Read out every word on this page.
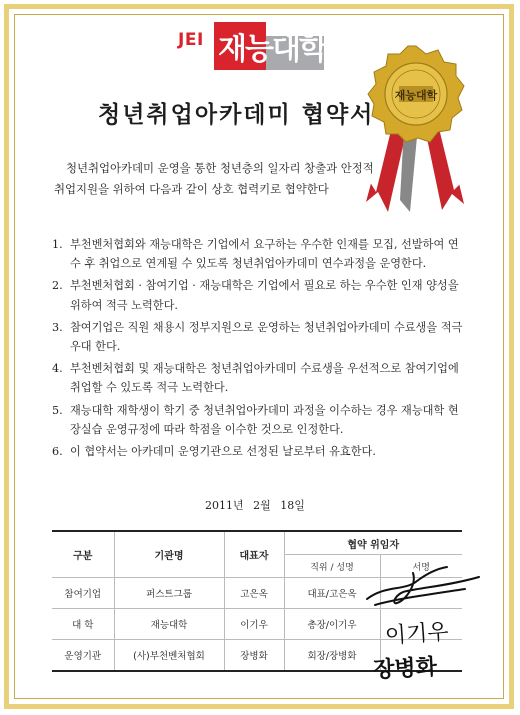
JEI 재능대학
재능대학
청년취업아카데미 협약서

청년취업아카데미 운영을 통한 청년층의 일자리 창출과 안정적

취업지원을 위하여 다음과 같이 상호 협력키로 협약한다

1. 부천벤처협회와 재능대학은 기업에서 요구하는 우수한 인재를 모집, 선발하여 연수 후 취업으로 연계될 수 있도록 청년취업아카데미 연수과정을 운영한다.
2. 부천벤처협회 · 참여기업 · 재능대학은 기업에서 필요로 하는 우수한 인재 양성을 위하여 적극 노력한다.
3. 참여기업은 직원 채용시 정부지원으로 운영하는 청년취업아카데미 수료생을 적극 우대 한다.
4. 부천벤처협회 및 재능대학은 청년취업아카데미 수료생을 우선적으로 참여기업에 취업할 수 있도록 적극 노력한다.
5. 재능대학 재학생이 학기 중 청년취업아카데미 과정을 이수하는 경우 재능대학 현장실습 운영규정에 따라 학점을 이수한 것으로 인정한다.
6. 이 협약서는 아카데미 운영기관으로 선정된 날로부터 유효한다.
2011년 2월 18일
구분	기관명	대표자	협약 위임자	
			직위 / 성명	서명
참여기업	퍼스트그룹	고은옥	대표/고은옥	
대 학	재능대학	이기우	총장/이기우	
운영기관	(사)부천벤처협회	장병화	회장/장병화	
이기우
장병화
